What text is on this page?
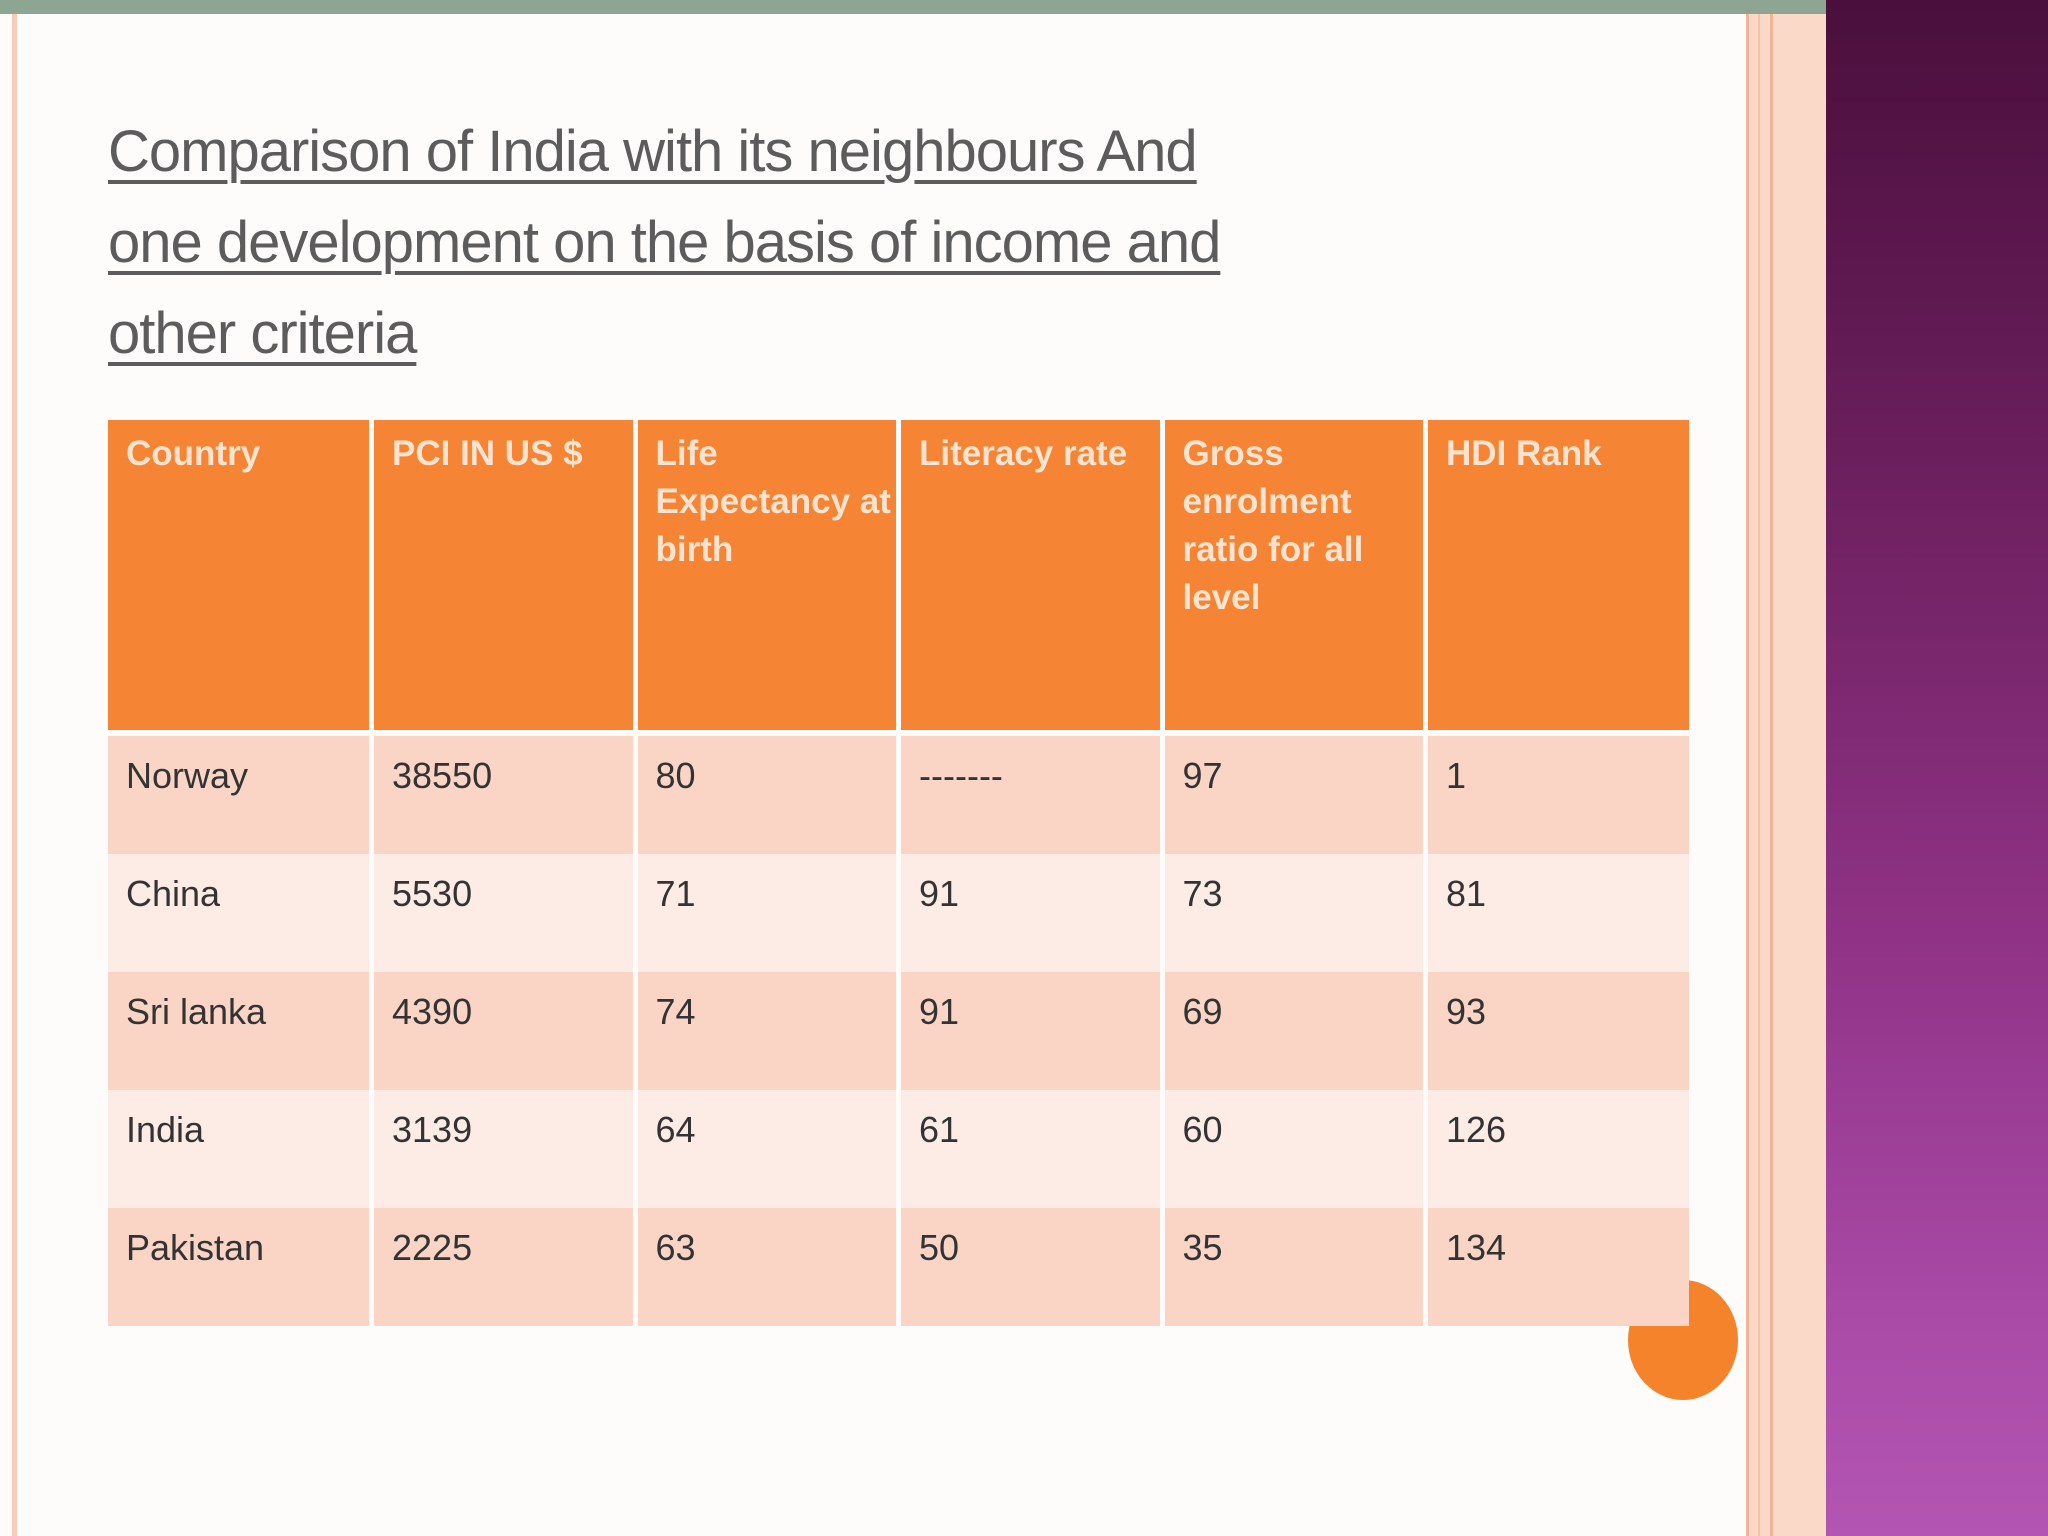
Comparison of India with its neighbours And
one development on the basis of income and
other criteria
Country	PCI IN US $	Life Expectancy at birth	Literacy rate	Gross enrolment ratio for all level	HDI Rank
Norway	38550	80	-------	97	1
China	5530	71	91	73	81
Sri lanka	4390	74	91	69	93
India	3139	64	61	60	126
Pakistan	2225	63	50	35	134
